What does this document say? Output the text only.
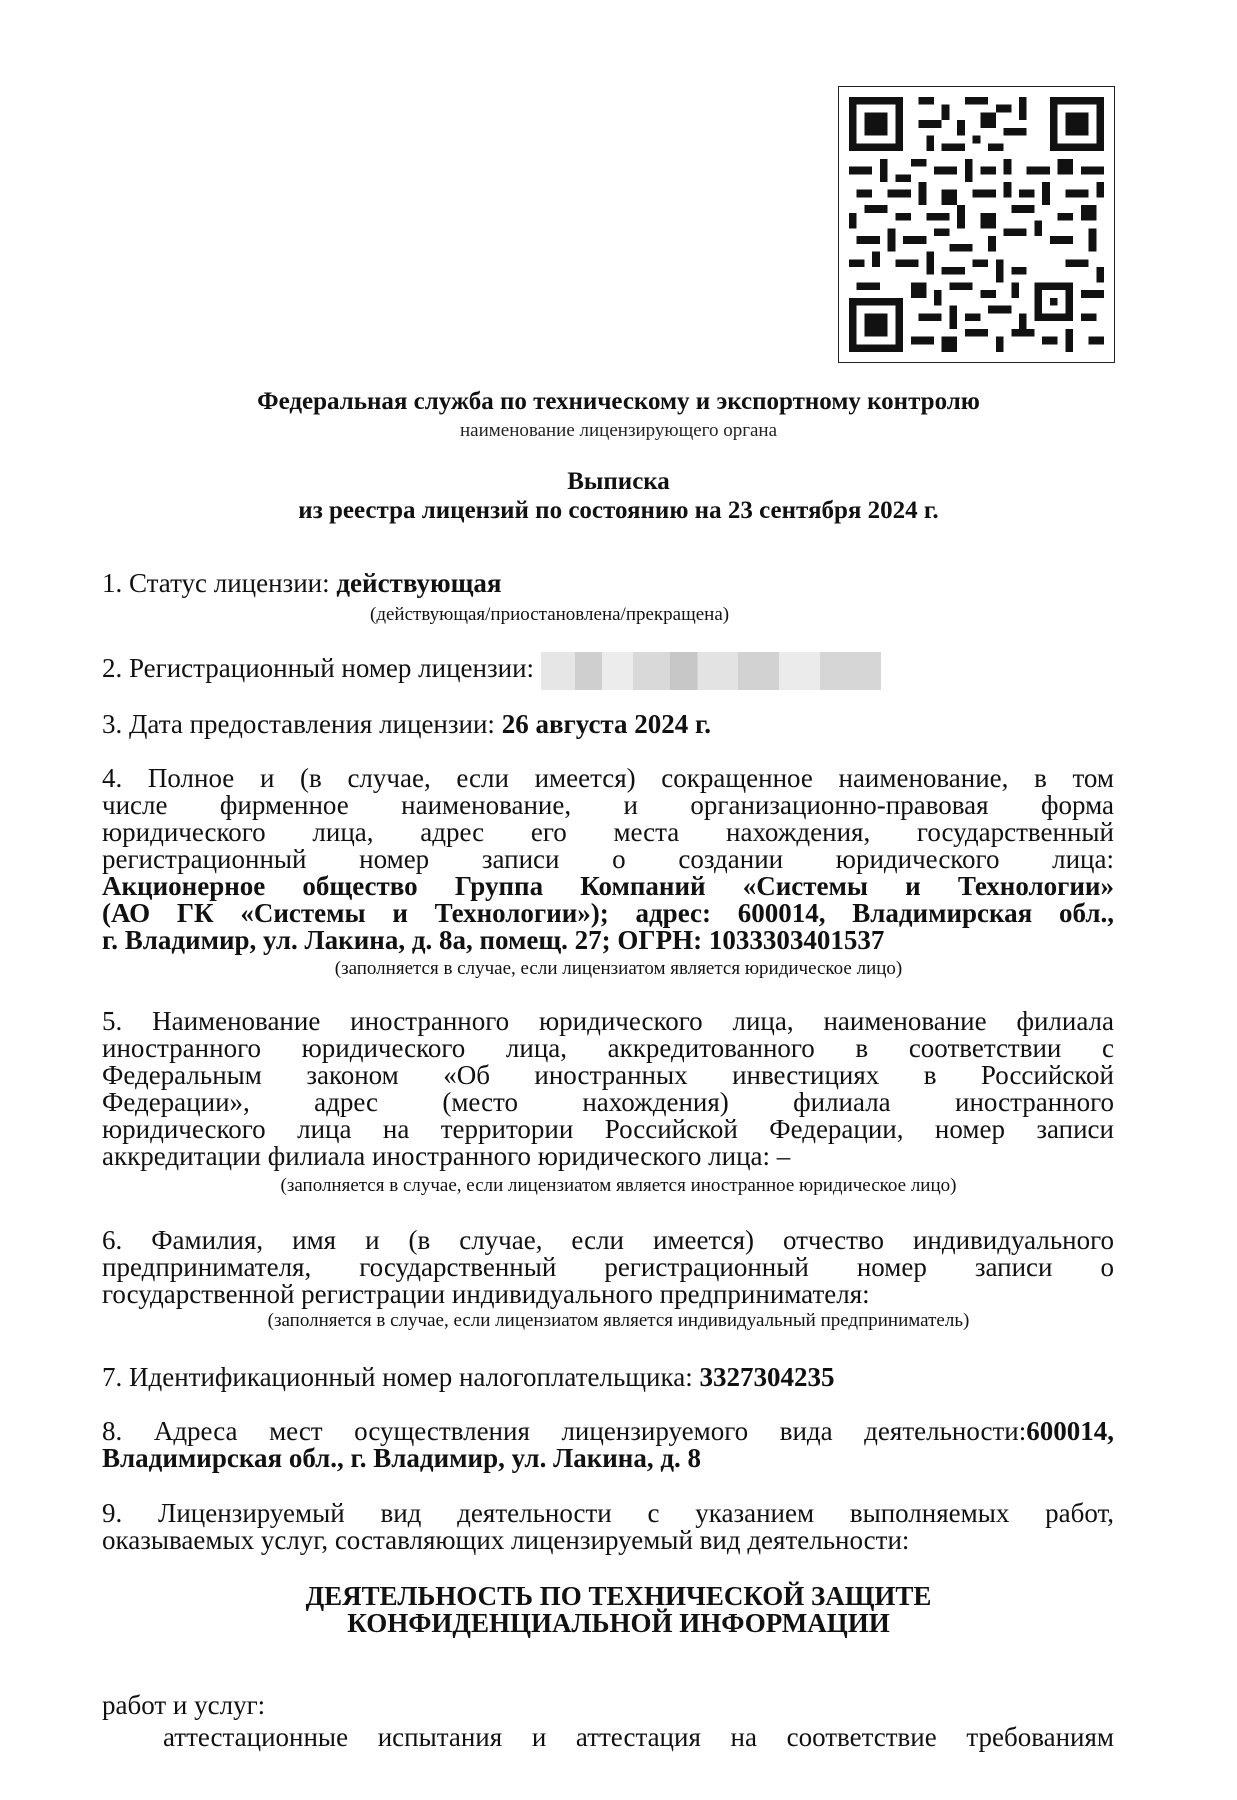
Федеральная служба по техническому и экспортному контролю
наименование лицензирующего органа
Выписка
из реестра лицензий по состоянию на 23 сентября 2024 г.
1. Статус лицензии: действующая
(действующая/приостановлена/прекращена)
2. Регистрационный номер лицензии:
3. Дата предоставления лицензии: 26 августа 2024 г.
4. Полное и (в случае, если имеется) сокращенное наименование, в том
числе фирменное наименование, и организационно-правовая форма
юридического лица, адрес его места нахождения, государственный
регистрационный номер записи о создании юридического лица:
Акционерное общество Группа Компаний «Системы и Технологии»
(АО ГК «Системы и Технологии»); адрес: 600014, Владимирская обл.,
г. Владимир, ул. Лакина, д. 8а, помещ. 27; ОГРН: 1033303401537
(заполняется в случае, если лицензиатом является юридическое лицо)
5. Наименование иностранного юридического лица, наименование филиала
иностранного юридического лица, аккредитованного в соответствии с
Федеральным законом «Об иностранных инвестициях в Российской
Федерации», адрес (место нахождения) филиала иностранного
юридического лица на территории Российской Федерации, номер записи
аккредитации филиала иностранного юридического лица: –
(заполняется в случае, если лицензиатом является иностранное юридическое лицо)
6. Фамилия, имя и (в случае, если имеется) отчество индивидуального
предпринимателя, государственный регистрационный номер записи о
государственной регистрации индивидуального предпринимателя:
(заполняется в случае, если лицензиатом является индивидуальный предприниматель)
7. Идентификационный номер налогоплательщика: 3327304235
8. Адреса мест осуществления лицензируемого вида деятельности:600014,
Владимирская обл., г. Владимир, ул. Лакина, д. 8
9. Лицензируемый вид деятельности с указанием выполняемых работ,
оказываемых услуг, составляющих лицензируемый вид деятельности:
ДЕЯТЕЛЬНОСТЬ ПО ТЕХНИЧЕСКОЙ ЗАЩИТЕ
КОНФИДЕНЦИАЛЬНОЙ ИНФОРМАЦИИ
работ и услуг:
аттестационные испытания и аттестация на соответствие требованиям
